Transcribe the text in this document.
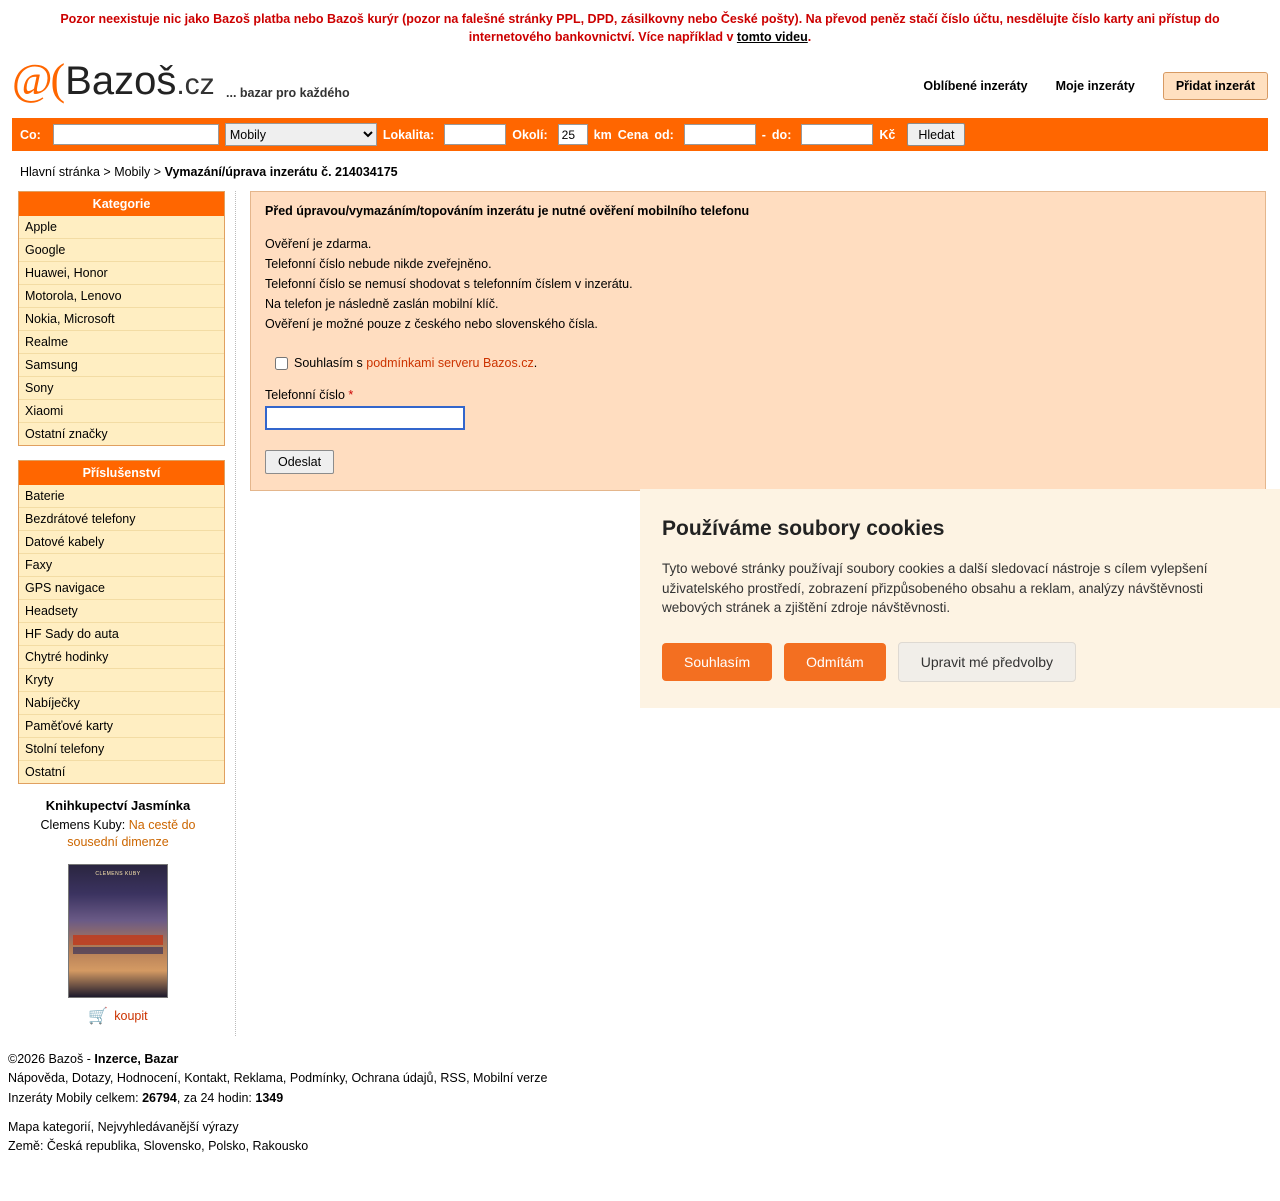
Pozor neexistuje nic jako Bazoš platba nebo Bazoš kurýr (pozor na falešné stránky PPL, DPD, zásilkovny nebo České pošty). Na převod peněz stačí číslo účtu, nesdělujte číslo karty ani přístup do internetového bankovnictví. Více například v tomto videu.
@( Bazoš .cz ... bazar pro každého	Oblíbené inzeráty Moje inzeráty	Přidat inzerát
Co:
Mobily	Lokalita:	Okolí:
25	km Cena od:	- do:	Kč	Hledat
Hlavní stránka > Mobily > Vymazání/úprava inzerátu č. 214034175
Kategorie
Apple
Google
Huawei, Honor
Motorola, Lenovo
Nokia, Microsoft
Realme
Samsung
Sony
Xiaomi
Ostatní značky
Příslušenství
Baterie
Bezdrátové telefony
Datové kabely
Faxy
GPS navigace
Headsety
HF Sady do auta
Chytré hodinky
Kryty
Nabíječky
Paměťové karty
Stolní telefony
Ostatní
Knihkupectví Jasmínka
Clemens Kuby: Na cestě do sousední dimenze
CLEMENS KUBY
🛒 koupit
Před úpravou/vymazáním/topováním inzerátu je nutné ověření mobilního telefonu
Ověření je zdarma.
Telefonní číslo nebude nikde zveřejněno.
Telefonní číslo se nemusí shodovat s telefonním číslem v inzerátu.
Na telefon je následně zaslán mobilní klíč.
Ověření je možné pouze z českého nebo slovenského čísla.
Souhlasím s podmínkami serveru Bazos.cz.
Telefonní číslo *
Odeslat
Používáme soubory cookies

Tyto webové stránky používají soubory cookies a další sledovací nástroje s cílem vylepšení uživatelského prostředí, zobrazení přizpůsobeného obsahu a reklam, analýzy návštěvnosti webových stránek a zjištění zdroje návštěvnosti.

Souhlasím	Odmítám	Upravit mé předvolby
©2026 Bazoš - Inzerce, Bazar
Nápověda, Dotazy, Hodnocení, Kontakt, Reklama, Podmínky, Ochrana údajů, RSS, Mobilní verze
Inzeráty Mobily celkem: 26794, za 24 hodin: 1349
Mapa kategorií, Nejvyhledávanější výrazy
Země: Česká republika, Slovensko, Polsko, Rakousko
